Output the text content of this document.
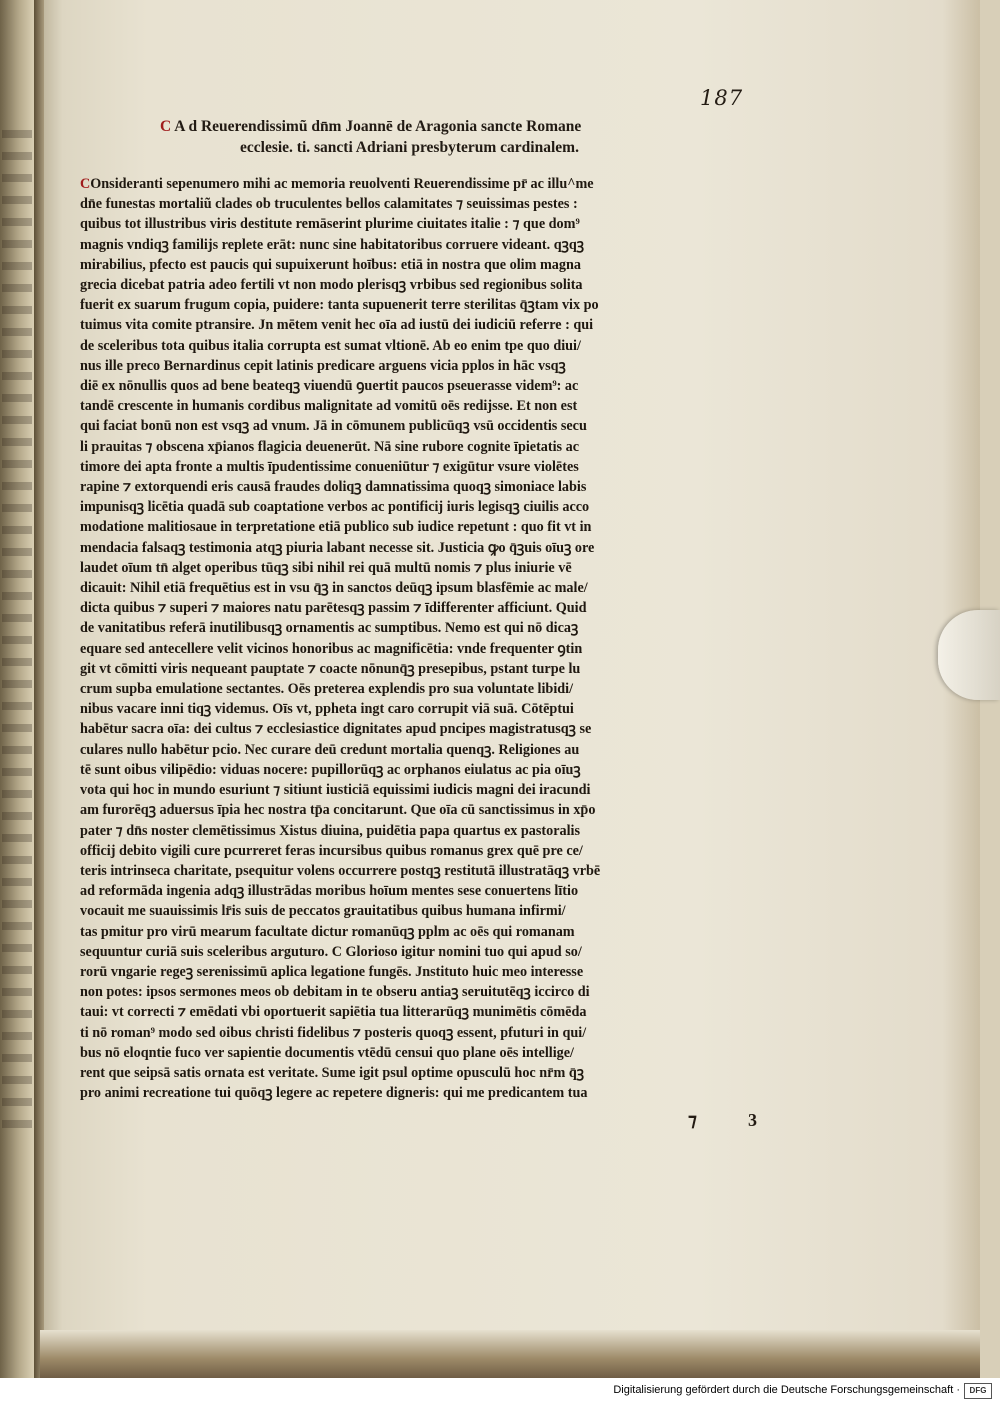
187
C A d Reuerendissimũ dn̄m Joannē de Aragonia sancte Romane
ecclesie. ti. sancti Adriani presbyterum cardinalem.
COnsideranti sepenumero mihi ac memoria reuolventi Reuerendissime pr̄ ac illu^me
dn̄e funestas mortaliũ clades ob truculentes bellos calamitates ⁊ seuissimas pestes :
quibus tot illustribus viris destitute remāserint plurime ciuitates italie : ⁊ que dom⁹
magnis vndiqꝫ familijs replete erāt: nunc sine habitatoribus corruere videant. qꝫqꝫ
mirabilius, pfecto est paucis qui supuixerunt hoībus: etiā in nostra que olim magna
grecia dicebat patria adeo fertili vt non modo plerisqꝫ vrbibus sed regionibus solita
fuerit ex suarum frugum copia, puidere: tanta supuenerit terre sterilitas q̄ꝫtam vix po
tuimus vita comite ptransire. Jn mētem venit hec oīa ad iustū dei iudiciū referre : qui
de sceleribus tota quibus italia corrupta est sumat vltionē. Ab eo enim tpe quo diui/
nus ille preco Bernardinus cepit latinis predicare arguens vicia pplos in hāc vsqꝫ
diē ex nōnullis quos ad bene beateqꝫ viuendū ꝯuertit paucos pseuerasse videm⁹: ac
tandē crescente in humanis cordibus malignitate ad vomitū oēs redijsse. Et non est
qui faciat bonū non est vsqꝫ ad vnum. Jā in cōmunem publicūqꝫ vsū occidentis secu
li prauitas ⁊ obscena xp̄ianos flagicia deuenerūt. Nā sine rubore cognite īpietatis ac
timore dei apta fronte a multis īpudentissime conueniūtur ⁊ exigūtur vsure violētes
rapine ⁊ extorquendi eris causā fraudes doliqꝫ damnatissima quoqꝫ simoniace labis
impunisqꝫ licētia quadā sub coaptatione verbos ac pontificij iuris legisqꝫ ciuilis acco
modatione malitiosaue in terpretatione etiā publico sub iudice repetunt : quo fit vt in
mendacia falsaqꝫ testimonia atqꝫ piuria labant necesse sit. Justicia ꝙo q̄ꝫuis oīuꝫ ore
laudet oīum tn̄ alget operibus tūqꝫ sibi nihil rei quā multū nomis ⁊ plus iniurie vē
dicauit: Nihil etiā frequētius est in vsu q̄ꝫ in sanctos deūqꝫ ipsum blasfēmie ac male/
dicta quibus ⁊ superi ⁊ maiores natu parētesqꝫ passim ⁊ īdifferenter afficiunt. Quid
de vanitatibus referā inutilibusqꝫ ornamentis ac sumptibus. Nemo est qui nō dicaꝫ
equare sed antecellere velit vicinos honoribus ac magnificētia: vnde frequenter ꝯtin
git vt cōmitti viris nequeant pauptate ⁊ coacte nōnunq̄ꝫ presepibus, pstant turpe lu
crum supba emulatione sectantes. Oēs preterea explendis pro sua voluntate libidi/
nibus vacare inni tiqꝫ videmus. Oīs vt, ppheta ingt caro corrupit viā suā. Cōtēptui
habētur sacra oīa: dei cultus ⁊ ecclesiastice dignitates apud pncipes magistratusqꝫ se
culares nullo habētur pcio. Nec curare deū credunt mortalia quenqꝫ. Religiones au
tē sunt oibus vilipēdio: viduas nocere: pupillorūqꝫ ac orphanos eiulatus ac pia oīuꝫ
vota qui hoc in mundo esuriunt ⁊ sitiunt iusticiā equissimi iudicis magni dei iracundi
am furorēqꝫ aduersus īpia hec nostra tp̄a concitarunt. Que oīa cū sanctissimus in xp̄o
pater ⁊ dn̄s noster clemētissimus Xistus diuina, puidētia papa quartus ex pastoralis
officij debito vigili cure pcurreret feras incursibus quibus romanus grex quē pre ce/
teris intrinseca charitate, psequitur volens occurrere postqꝫ restitutā illustratāqꝫ vrbē
ad reformāda ingenia adqꝫ illustrādas moribus hoīum mentes sese conuertens lītio
vocauit me suauissimis lr̄is suis de peccatos grauitatibus quibus humana infirmi/
tas pmitur pro virū mearum facultate dictur romanūqꝫ pplm ac oēs qui romanam
sequuntur curiā suis sceleribus arguturo. C Glorioso igitur nomini tuo qui apud so/
rorū vngarie regeꝫ serenissimū aplica legatione fungēs. Jnstituto huic meo interesse
non potes: ipsos sermones meos ob debitam in te obseru antiaꝫ seruitutēqꝫ iccirco di
taui: vt correcti ⁊ emēdati vbi oportuerit sapiētia tua litterarūqꝫ munimētis cōmēda
ti nō roman⁹ modo sed oibus christi fidelibus ⁊ posteris quoqꝫ essent, pfuturi in qui/
bus nō eloqntie fuco ver sapientie documentis vtēdū censui quo plane oēs intellige/
rent que seipsā satis ornata est veritate. Sume igit psul optime opusculū hoc nr̄m q̄ꝫ
pro animi recreatione tui quōqꝫ legere ac repetere digneris: qui me predicantem tua
⁊	3
Digitalisierung gefördert durch die Deutsche Forschungsgemeinschaft ·	DFG
